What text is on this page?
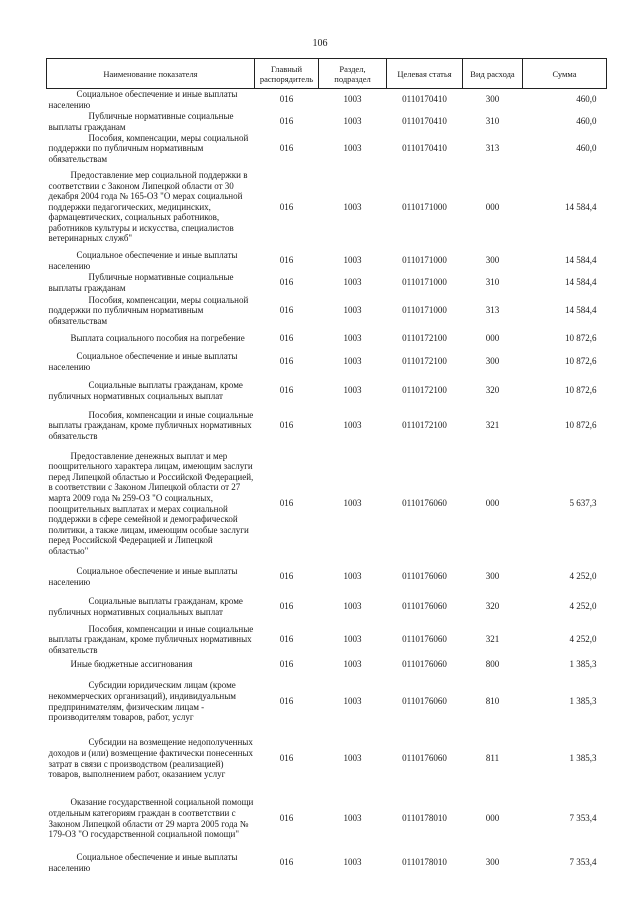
106
Наименование показателя	Главный распорядитель	Раздел, подраздел	Целевая статья	Вид расхода	Сумма
Социальное обеспечение и иные выплаты населению	016	1003	0110170410	300	460,0
Публичные нормативные социальные выплаты гражданам	016	1003	0110170410	310	460,0
Пособия, компенсации, меры социальной поддержки по публичным нормативным обязательствам	016	1003	0110170410	313	460,0
Предоставление мер социальной поддержки в соответствии с Законом Липецкой области от 30 декабря 2004 года № 165-ОЗ "О мерах социальной поддержки педагогических, медицинских, фармацевтических, социальных работников, работников культуры и искусства, специалистов ветеринарных служб"	016	1003	0110171000	000	14 584,4
Социальное обеспечение и иные выплаты населению	016	1003	0110171000	300	14 584,4
Публичные нормативные социальные выплаты гражданам	016	1003	0110171000	310	14 584,4
Пособия, компенсации, меры социальной поддержки по публичным нормативным обязательствам	016	1003	0110171000	313	14 584,4
Выплата социального пособия на погребение	016	1003	0110172100	000	10 872,6
Социальное обеспечение и иные выплаты населению	016	1003	0110172100	300	10 872,6
Социальные выплаты гражданам, кроме публичных нормативных социальных выплат	016	1003	0110172100	320	10 872,6
Пособия, компенсации и иные социальные выплаты гражданам, кроме публичных нормативных обязательств	016	1003	0110172100	321	10 872,6
Предоставление денежных выплат и мер поощрительного характера лицам, имеющим заслуги перед Липецкой областью и Российской Федерацией, в соответствии с Законом Липецкой области от 27 марта 2009 года № 259-ОЗ "О социальных, поощрительных выплатах и мерах социальной поддержки в сфере семейной и демографической политики, а также лицам, имеющим особые заслуги перед Российской Федерацией и Липецкой областью"	016	1003	0110176060	000	5 637,3
Социальное обеспечение и иные выплаты населению	016	1003	0110176060	300	4 252,0
Социальные выплаты гражданам, кроме публичных нормативных социальных выплат	016	1003	0110176060	320	4 252,0
Пособия, компенсации и иные социальные выплаты гражданам, кроме публичных нормативных обязательств	016	1003	0110176060	321	4 252,0
Иные бюджетные ассигнования	016	1003	0110176060	800	1 385,3
Субсидии юридическим лицам (кроме некоммерческих организаций), индивидуальным предпринимателям, физическим лицам - производителям товаров, работ, услуг	016	1003	0110176060	810	1 385,3
Субсидии на возмещение недополученных доходов и (или) возмещение фактически понесенных затрат в связи с производством (реализацией) товаров, выполнением работ, оказанием услуг	016	1003	0110176060	811	1 385,3
Оказание государственной социальной помощи отдельным категориям граждан в соответствии с Законом Липецкой области от 29 марта 2005 года № 179-ОЗ "О государственной социальной помощи"	016	1003	0110178010	000	7 353,4
Социальное обеспечение и иные выплаты населению	016	1003	0110178010	300	7 353,4
